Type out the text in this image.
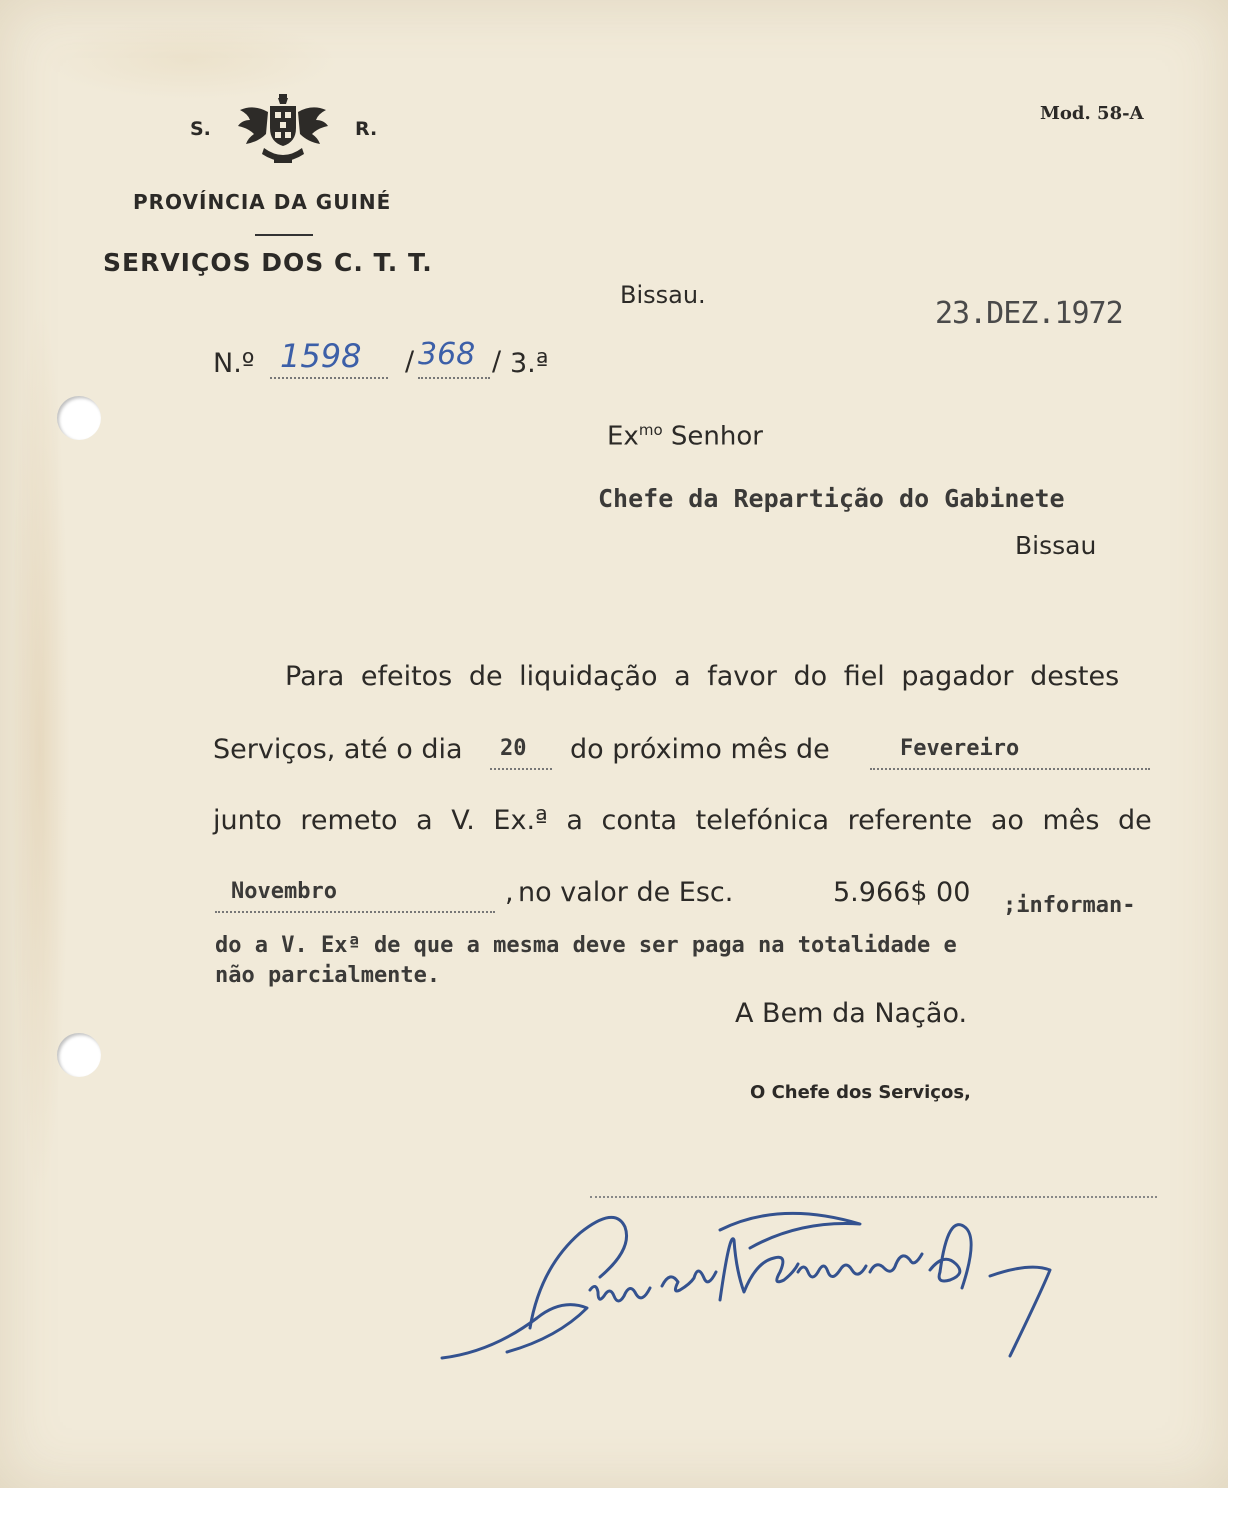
S.	R.
PROVÍNCIA DA GUINÉ
SERVIÇOS DOS C. T. T.
Mod. 58-A
Bissau.
23.DEZ.1972
N.º 1598	/ 368 / 3.ª
$Ex^{mo}$ Senhor
Chefe da Repartição do Gabinete
Bissau
Para efeitos de liquidação a favor do fiel pagador destes
Serviços, até o dia	20	do próximo mês de	Fevereiro
junto remeto a V. Ex.ª a conta telefónica referente ao mês de
Novembro	, no valor de Esc.	5.966$ 00 ;informan-
do a V. Exª de que a mesma deve ser paga na totalidade e
não parcialmente.
A Bem da Nação.
O Chefe dos Serviços,
